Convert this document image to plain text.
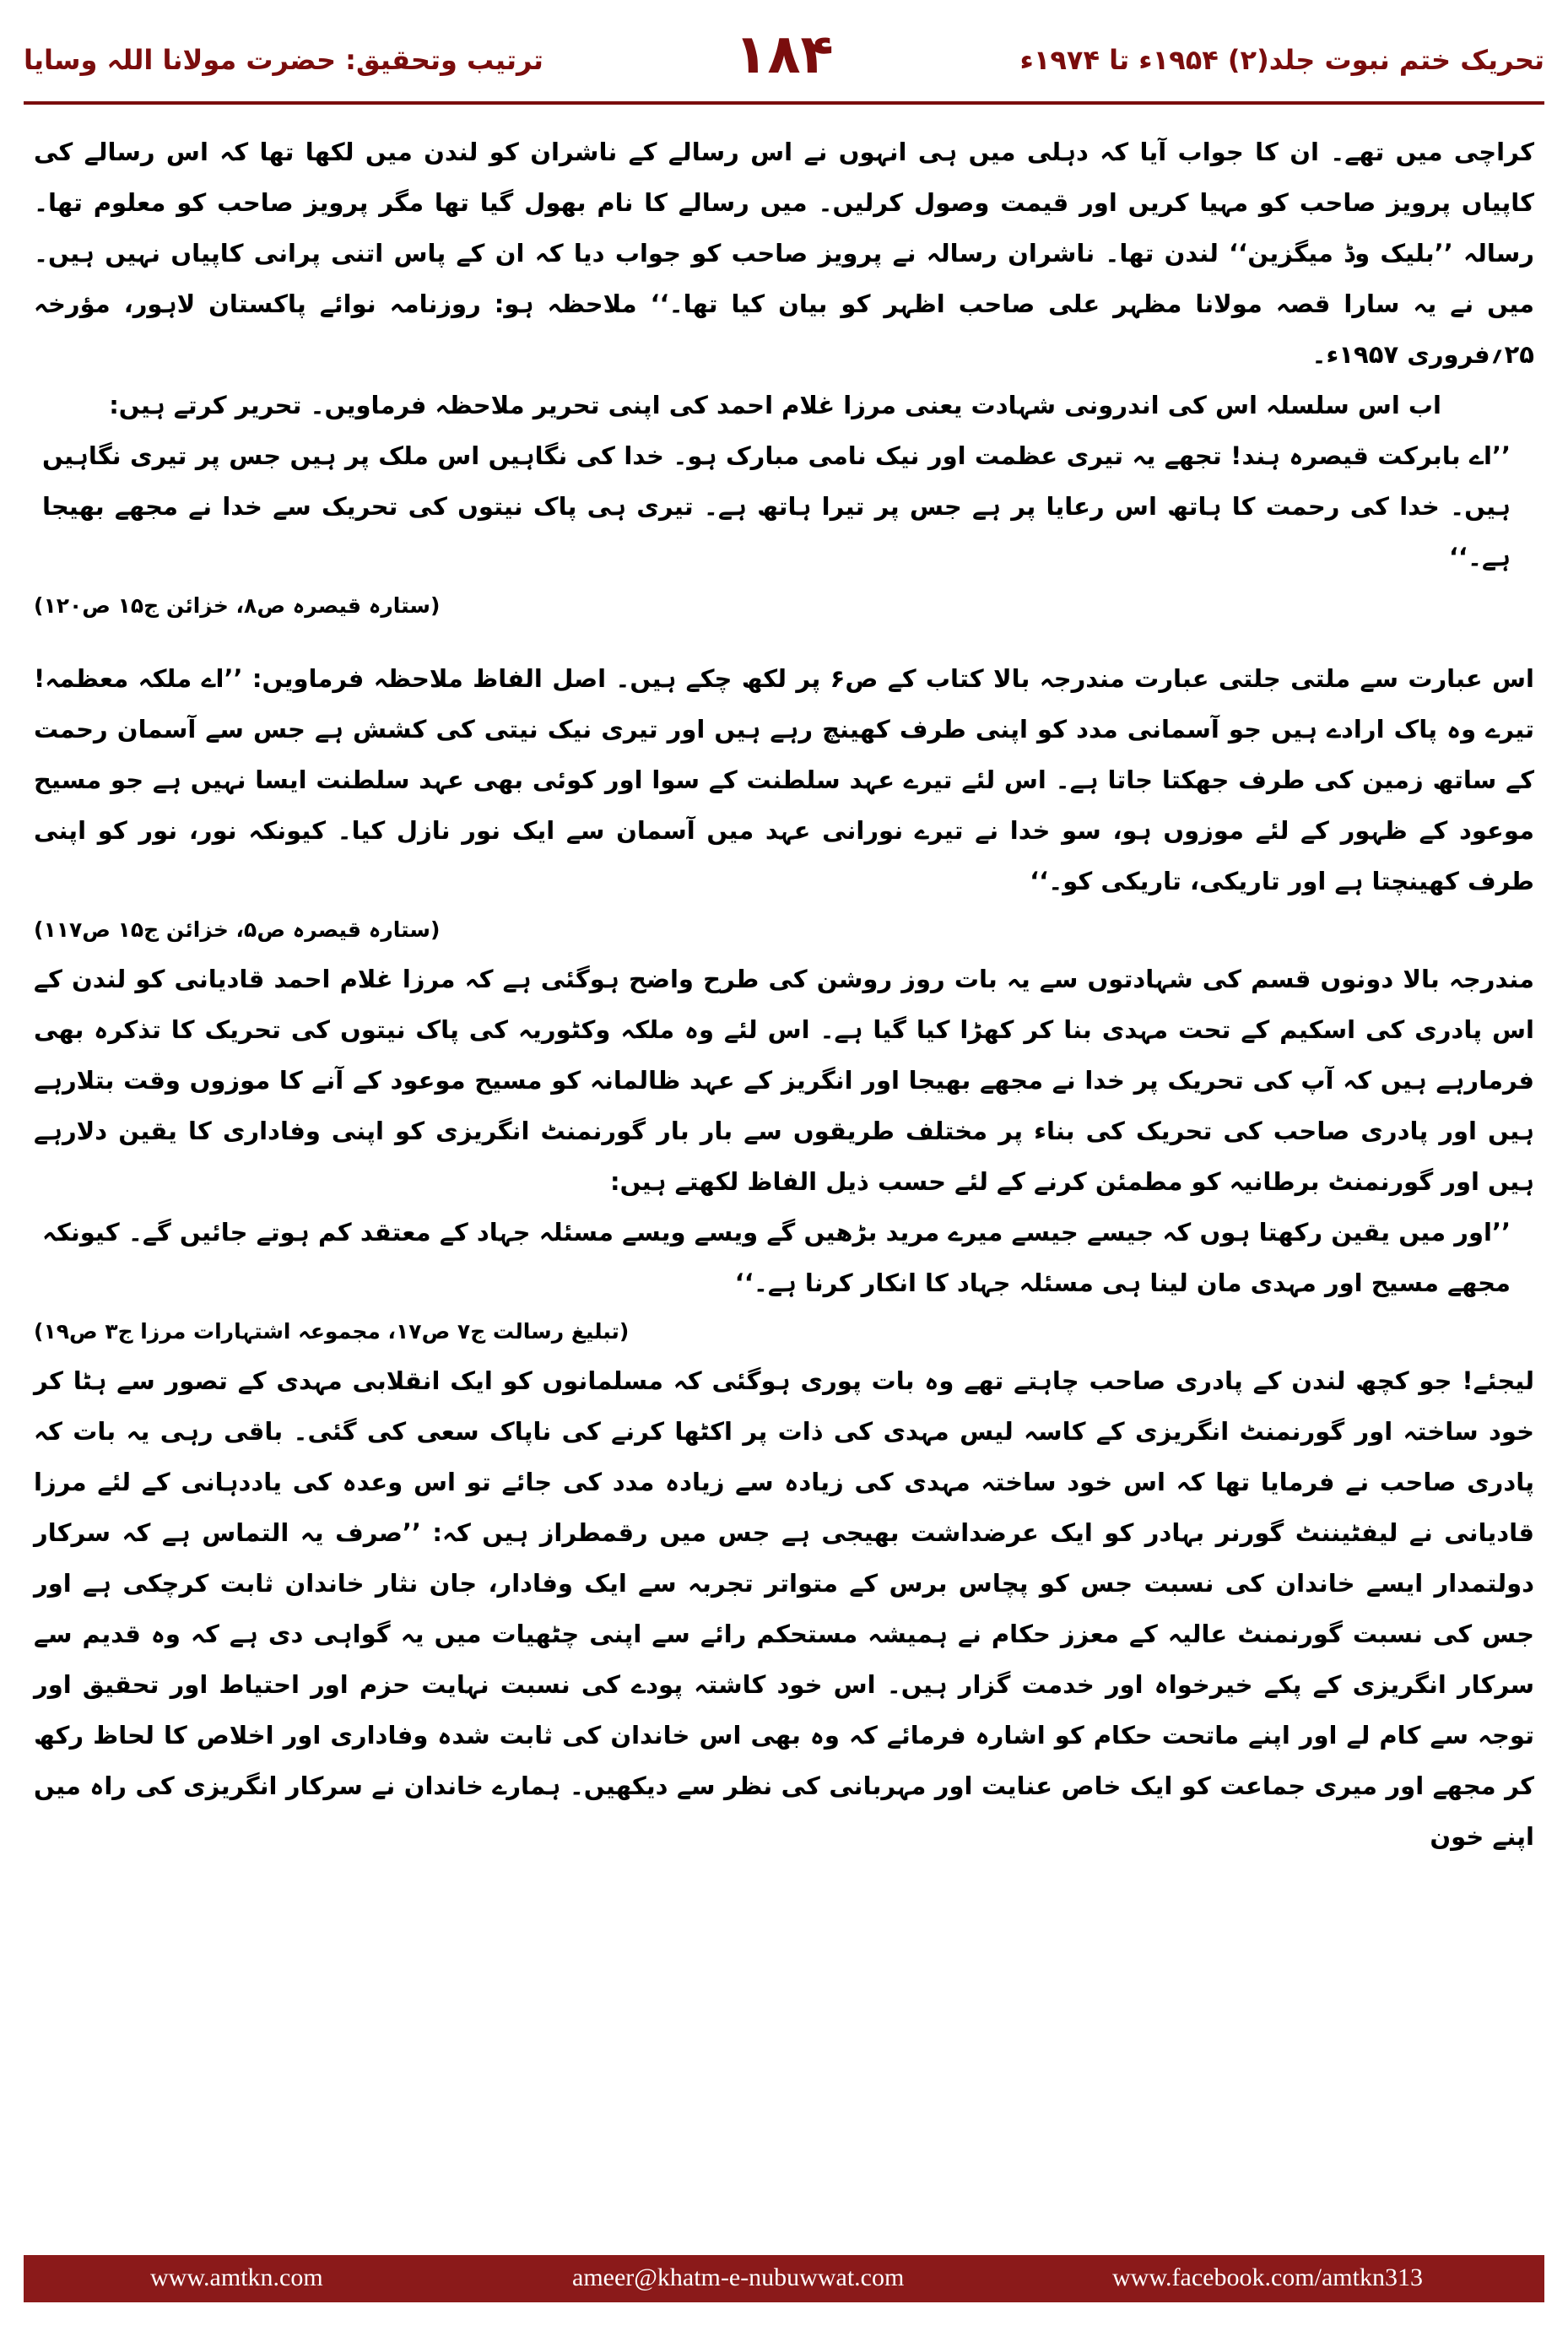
تحریک ختم نبوت جلد(۲) ۱۹۵۴ء تا ۱۹۷۴ء
۱۸۴
ترتیب وتحقیق: حضرت مولانا اللہ وسایا

کراچی میں تھے۔ ان کا جواب آیا کہ دہلی میں ہی انہوں نے اس رسالے کے ناشران کو لندن میں لکھا تھا کہ اس رسالے کی کاپیاں پرویز صاحب کو مہیا کریں اور قیمت وصول کرلیں۔ میں رسالے کا نام بھول گیا تھا مگر پرویز صاحب کو معلوم تھا۔ رسالہ ’’بلیک وڈ میگزین‘‘ لندن تھا۔ ناشران رسالہ نے پرویز صاحب کو جواب دیا کہ ان کے پاس اتنی پرانی کاپیاں نہیں ہیں۔ میں نے یہ سارا قصہ مولانا مظہر علی صاحب اظہر کو بیان کیا تھا۔‘‘ ملاحظہ ہو: روزنامہ نوائے پاکستان لاہور، مؤرخہ ۲۵؍فروری ۱۹۵۷ء۔

اب اس سلسلہ اس کی اندرونی شہادت یعنی مرزا غلام احمد کی اپنی تحریر ملاحظہ فرماویں۔ تحریر کرتے ہیں:

’’اے بابرکت قیصرہ ہند! تجھے یہ تیری عظمت اور نیک نامی مبارک ہو۔ خدا کی نگاہیں اس ملک پر ہیں جس پر تیری نگاہیں ہیں۔ خدا کی رحمت کا ہاتھ اس رعایا پر ہے جس پر تیرا ہاتھ ہے۔ تیری ہی پاک نیتوں کی تحریک سے خدا نے مجھے بھیجا ہے۔‘‘

(ستارہ قیصرہ ص۸، خزائن ج۱۵ ص۱۲۰)

اس عبارت سے ملتی جلتی عبارت مندرجہ بالا کتاب کے ص۶ پر لکھ چکے ہیں۔ اصل الفاظ ملاحظہ فرماویں: ’’اے ملکہ معظمہ! تیرے وہ پاک ارادے ہیں جو آسمانی مدد کو اپنی طرف کھینچ رہے ہیں اور تیری نیک نیتی کی کشش ہے جس سے آسمان رحمت کے ساتھ زمین کی طرف جھکتا جاتا ہے۔ اس لئے تیرے عہد سلطنت کے سوا اور کوئی بھی عہد سلطنت ایسا نہیں ہے جو مسیح موعود کے ظہور کے لئے موزوں ہو، سو خدا نے تیرے نورانی عہد میں آسمان سے ایک نور نازل کیا۔ کیونکہ نور، نور کو اپنی طرف کھینچتا ہے اور تاریکی، تاریکی کو۔‘‘

(ستارہ قیصرہ ص۵، خزائن ج۱۵ ص۱۱۷)

مندرجہ بالا دونوں قسم کی شہادتوں سے یہ بات روز روشن کی طرح واضح ہوگئی ہے کہ مرزا غلام احمد قادیانی کو لندن کے اس پادری کی اسکیم کے تحت مہدی بنا کر کھڑا کیا گیا ہے۔ اس لئے وہ ملکہ وکٹوریہ کی پاک نیتوں کی تحریک کا تذکرہ بھی فرمارہے ہیں کہ آپ کی تحریک پر خدا نے مجھے بھیجا اور انگریز کے عہد ظالمانہ کو مسیح موعود کے آنے کا موزوں وقت بتلارہے ہیں اور پادری صاحب کی تحریک کی بناء پر مختلف طریقوں سے بار بار گورنمنٹ انگریزی کو اپنی وفاداری کا یقین دلارہے ہیں اور گورنمنٹ برطانیہ کو مطمئن کرنے کے لئے حسب ذیل الفاظ لکھتے ہیں:

’’اور میں یقین رکھتا ہوں کہ جیسے جیسے میرے مرید بڑھیں گے ویسے ویسے مسئلہ جہاد کے معتقد کم ہوتے جائیں گے۔ کیونکہ مجھے مسیح اور مہدی مان لینا ہی مسئلہ جہاد کا انکار کرنا ہے۔‘‘

(تبلیغ رسالت ج۷ ص۱۷، مجموعہ اشتہارات مرزا ج۳ ص۱۹)

لیجئے! جو کچھ لندن کے پادری صاحب چاہتے تھے وہ بات پوری ہوگئی کہ مسلمانوں کو ایک انقلابی مہدی کے تصور سے ہٹا کر خود ساختہ اور گورنمنٹ انگریزی کے کاسہ لیس مہدی کی ذات پر اکٹھا کرنے کی ناپاک سعی کی گئی۔ باقی رہی یہ بات کہ پادری صاحب نے فرمایا تھا کہ اس خود ساختہ مہدی کی زیادہ سے زیادہ مدد کی جائے تو اس وعدہ کی یاددہانی کے لئے مرزا قادیانی نے لیفٹیننٹ گورنر بہادر کو ایک عرضداشت بھیجی ہے جس میں رقمطراز ہیں کہ: ’’صرف یہ التماس ہے کہ سرکار دولتمدار ایسے خاندان کی نسبت جس کو پچاس برس کے متواتر تجربہ سے ایک وفادار، جان نثار خاندان ثابت کرچکی ہے اور جس کی نسبت گورنمنٹ عالیہ کے معزز حکام نے ہمیشہ مستحکم رائے سے اپنی چٹھیات میں یہ گواہی دی ہے کہ وہ قدیم سے سرکار انگریزی کے پکے خیرخواہ اور خدمت گزار ہیں۔ اس خود کاشتہ پودے کی نسبت نہایت حزم اور احتیاط اور تحقیق اور توجہ سے کام لے اور اپنے ماتحت حکام کو اشارہ فرمائے کہ وہ بھی اس خاندان کی ثابت شدہ وفاداری اور اخلاص کا لحاظ رکھ کر مجھے اور میری جماعت کو ایک خاص عنایت اور مہربانی کی نظر سے دیکھیں۔ ہمارے خاندان نے سرکار انگریزی کی راہ میں اپنے خون

www.amtkn.com	ameer@khatm-e-nubuwwat.com	www.facebook.com/amtkn313
